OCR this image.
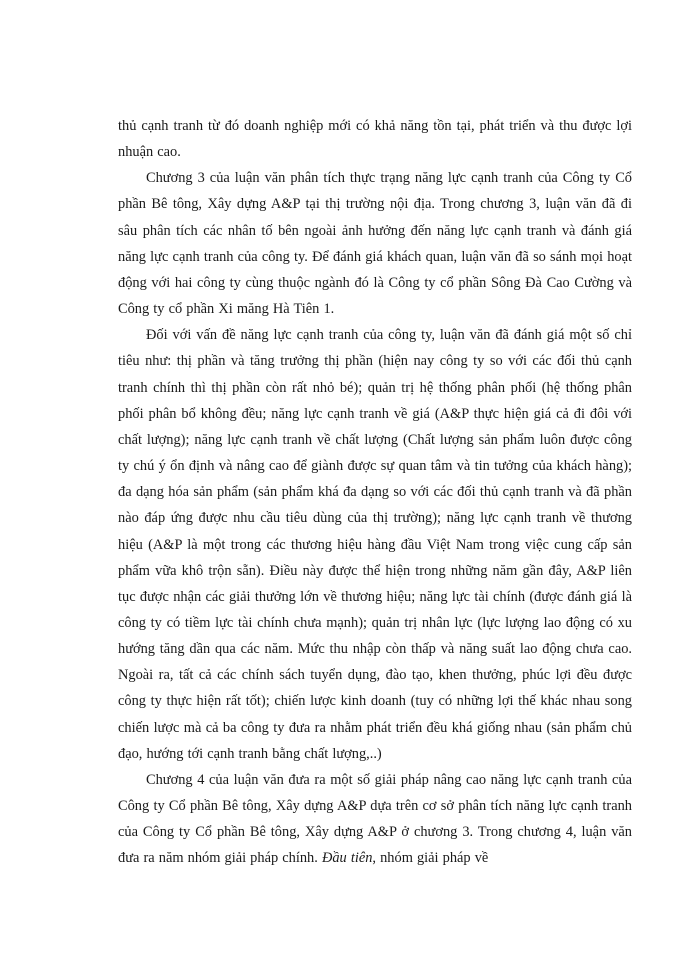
thủ cạnh tranh từ đó doanh nghiệp mới có khả năng tồn tại, phát triển và thu được lợi nhuận cao.

Chương 3 của luận văn phân tích thực trạng năng lực cạnh tranh của Công ty Cổ phần Bê tông, Xây dựng A&P tại thị trường nội địa. Trong chương 3, luận văn đã đi sâu phân tích các nhân tố bên ngoài ảnh hưởng đến năng lực cạnh tranh và đánh giá năng lực cạnh tranh của công ty. Để đánh giá khách quan, luận văn đã so sánh mọi hoạt động với hai công ty cùng thuộc ngành đó là Công ty cổ phần Sông Đà Cao Cường và Công ty cổ phần Xi măng Hà Tiên 1.

Đối với vấn đề năng lực cạnh tranh của công ty, luận văn đã đánh giá một số chỉ tiêu như: thị phần và tăng trưởng thị phần (hiện nay công ty so với các đối thủ cạnh tranh chính thì thị phần còn rất nhỏ bé); quản trị hệ thống phân phối (hệ thống phân phối phân bổ không đều; năng lực cạnh tranh về giá (A&P thực hiện giá cả đi đôi với chất lượng); năng lực cạnh tranh về chất lượng (Chất lượng sản phẩm luôn được công ty chú ý ổn định và nâng cao để giành được sự quan tâm và tin tưởng của khách hàng); đa dạng hóa sản phẩm (sản phẩm khá đa dạng so với các đối thủ cạnh tranh và đã phần nào đáp ứng được nhu cầu tiêu dùng của thị trường); năng lực cạnh tranh về thương hiệu (A&P là một trong các thương hiệu hàng đầu Việt Nam trong việc cung cấp sản phẩm vữa khô trộn sẵn). Điều này được thể hiện trong những năm gần đây, A&P liên tục được nhận các giải thưởng lớn về thương hiệu; năng lực tài chính (được đánh giá là công ty có tiềm lực tài chính chưa mạnh); quản trị nhân lực (lực lượng lao động có xu hướng tăng dần qua các năm. Mức thu nhập còn thấp và năng suất lao động chưa cao. Ngoài ra, tất cả các chính sách tuyển dụng, đào tạo, khen thưởng, phúc lợi đều được công ty thực hiện rất tốt); chiến lược kinh doanh (tuy có những lợi thế khác nhau song chiến lược mà cả ba công ty đưa ra nhằm phát triển đều khá giống nhau (sản phẩm chủ đạo, hướng tới cạnh tranh bằng chất lượng,..)

Chương 4 của luận văn đưa ra một số giải pháp nâng cao năng lực cạnh tranh của Công ty Cổ phần Bê tông, Xây dựng A&P dựa trên cơ sở phân tích năng lực cạnh tranh của Công ty Cổ phần Bê tông, Xây dựng A&P ở chương 3. Trong chương 4, luận văn đưa ra năm nhóm giải pháp chính. Đầu tiên, nhóm giải pháp về
